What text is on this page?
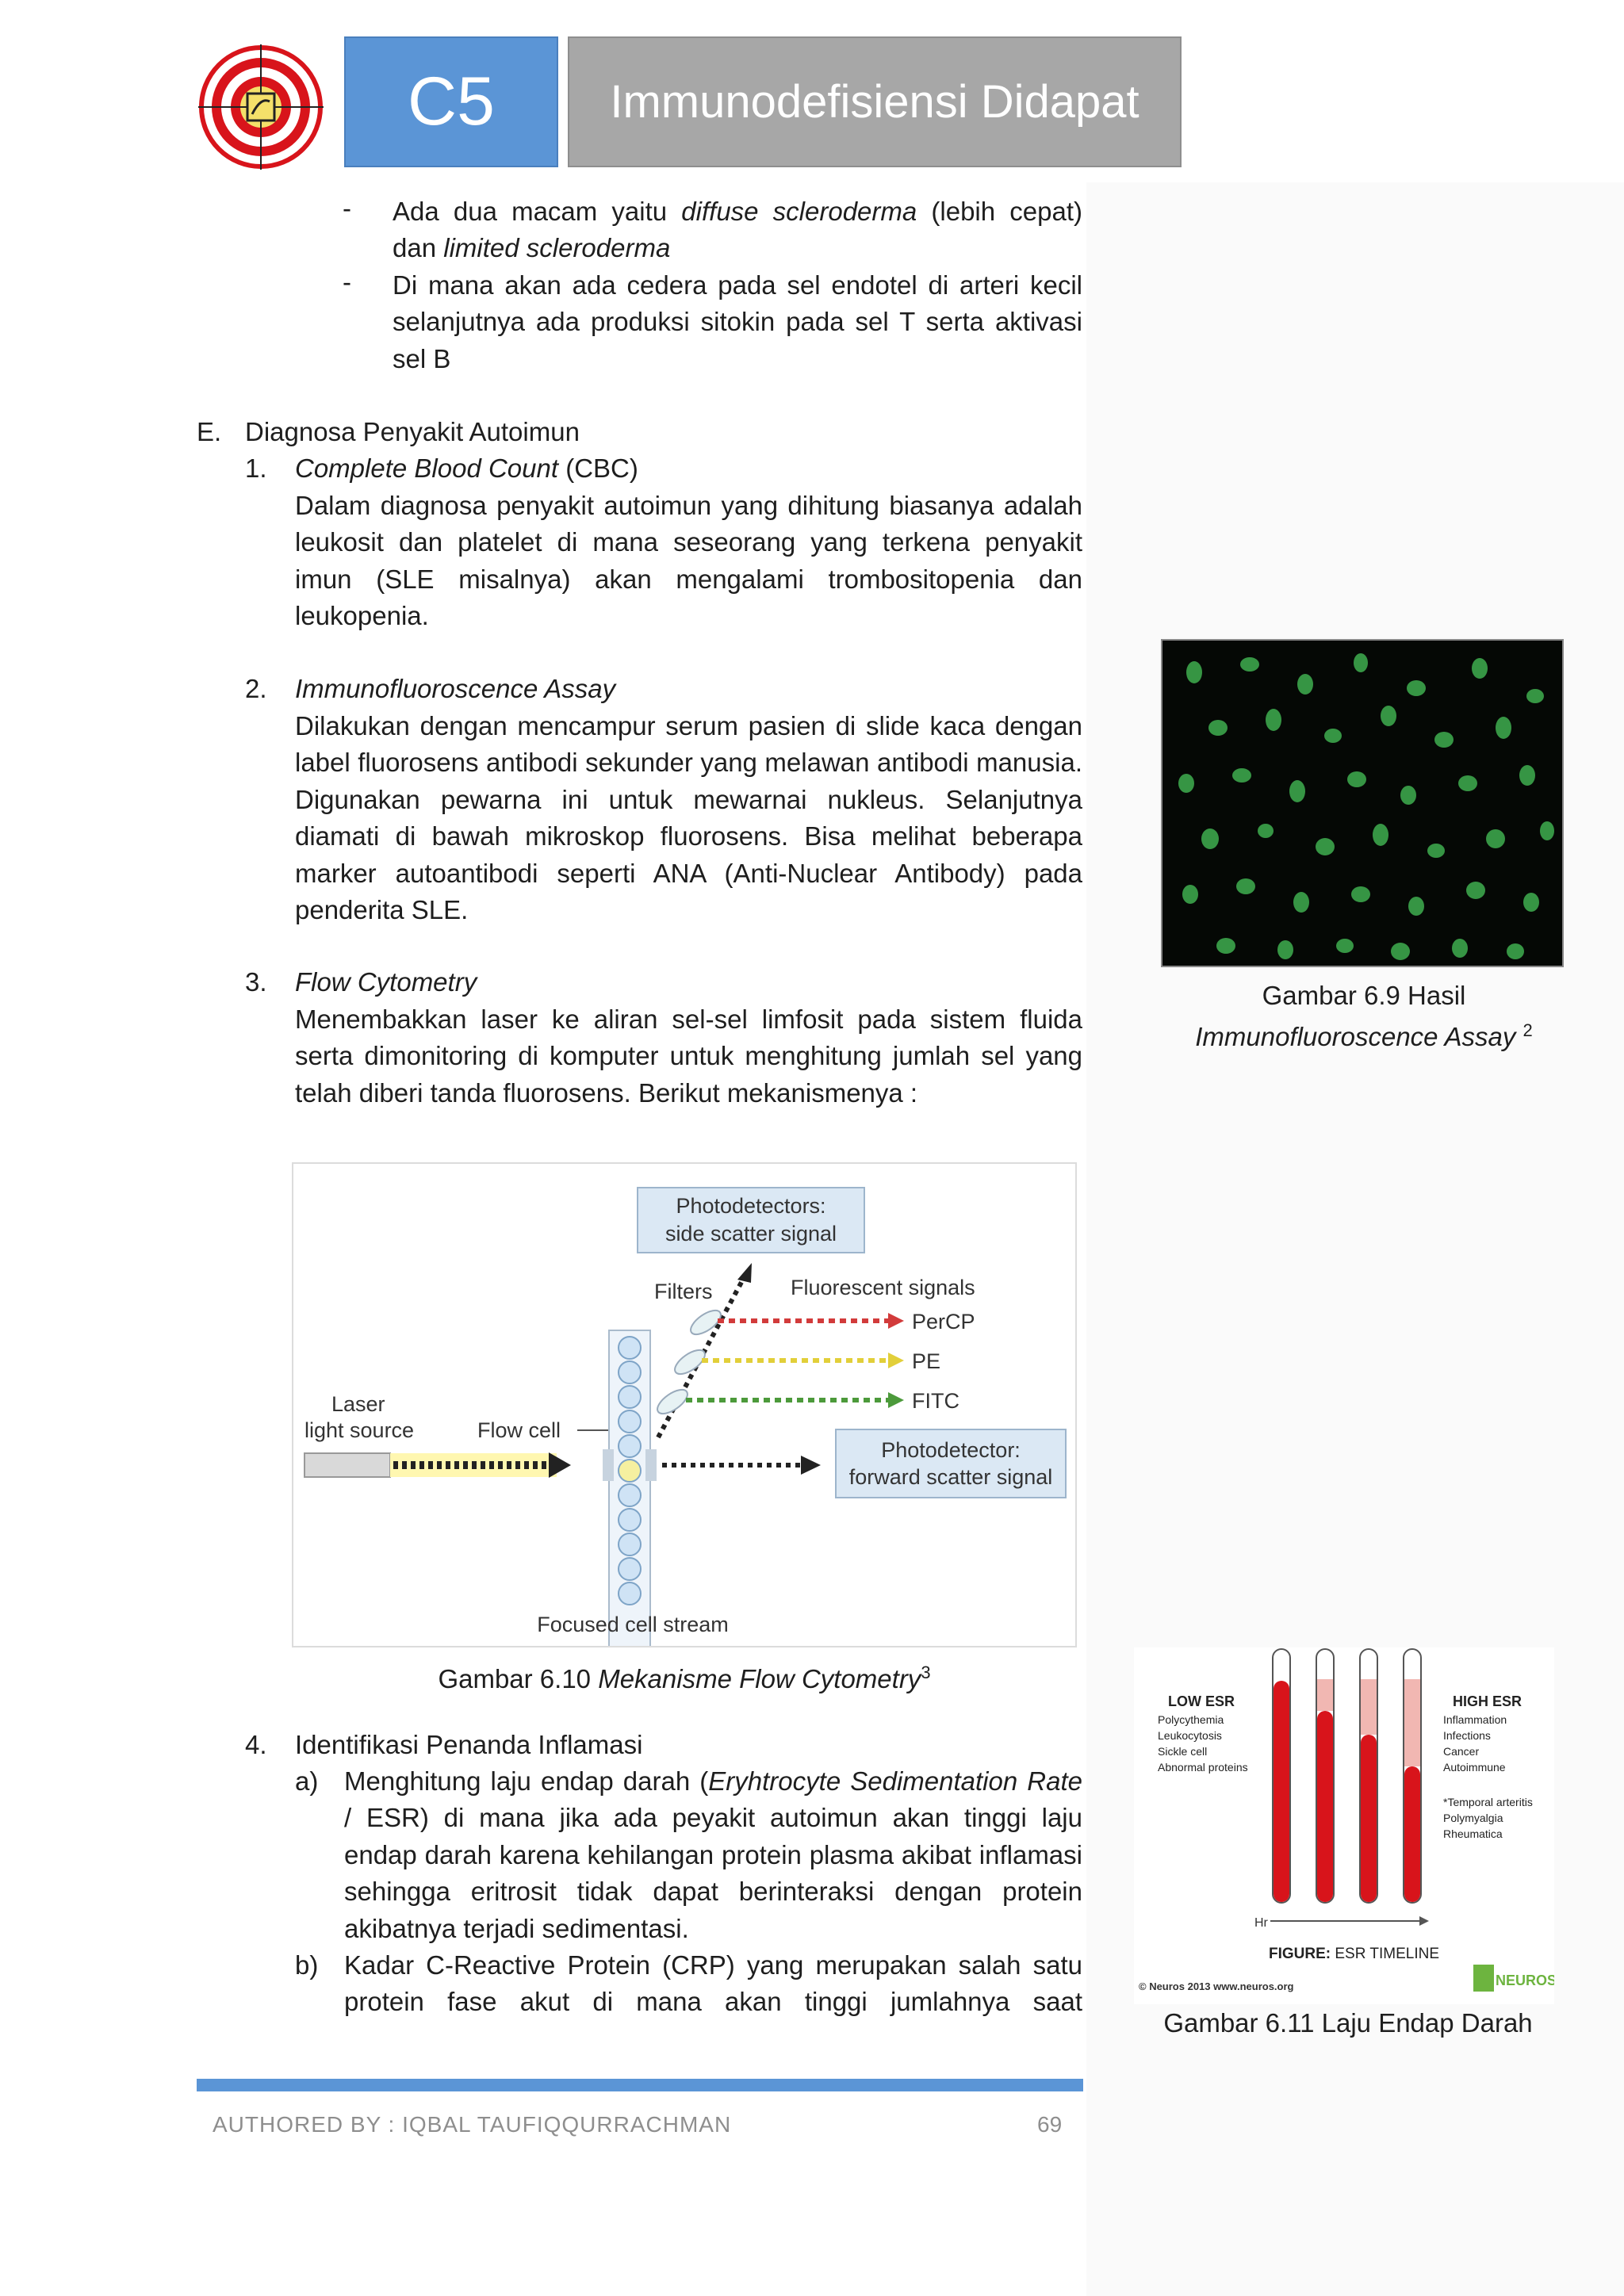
C5	Immunodefisiensi Didapat
- Ada dua macam yaitu diffuse scleroderma (lebih cepat) dan limited scleroderma
- Di mana akan ada cedera pada sel endotel di arteri kecil selanjutnya ada produksi sitokin pada sel T serta aktivasi sel B
E. Diagnosa Penyakit Autoimun
1. Complete Blood Count (CBC)
Dalam diagnosa penyakit autoimun yang dihitung biasanya adalah leukosit dan platelet di mana seseorang yang terkena penyakit imun (SLE misalnya) akan mengalami trombositopenia dan leukopenia.
2. Immunofluoroscence Assay
Dilakukan dengan mencampur serum pasien di slide kaca dengan label fluorosens antibodi sekunder yang melawan antibodi manusia. Digunakan pewarna ini untuk mewarnai nukleus. Selanjutnya diamati di bawah mikroskop fluorosens. Bisa melihat beberapa marker autoantibodi seperti ANA (Anti-Nuclear Antibody) pada penderita SLE.
3. Flow Cytometry
Menembakkan laser ke aliran sel-sel limfosit pada sistem fluida serta dimonitoring di komputer untuk menghitung jumlah sel yang telah diberi tanda fluorosens. Berikut mekanismenya :
Photodetectors:
side scatter signal
Filters	Fluorescent signals
PerCP
PE
FITC
Laser
light source	Flow cell
Photodetector:
forward scatter signal
Focused cell stream
Gambar 6.10 Mekanisme Flow Cytometry$^3$
4. Identifikasi Penanda Inflamasi
a) Menghitung laju endap darah (Eryhtrocyte Sedimentation Rate / ESR) di mana jika ada peyakit autoimun akan tinggi laju endap darah karena kehilangan protein plasma akibat inflamasi sehingga eritrosit tidak dapat berinteraksi dengan protein akibatnya terjadi sedimentasi.
b) Kadar C-Reactive Protein (CRP) yang merupakan salah satu protein fase akut di mana akan tinggi jumlahnya saat
Gambar 6.9 Hasil
Immunofluoroscence Assay $^2$
LOW ESR
Polycythemia
Leukocytosis
Sickle cell
Abnormal proteins
HIGH ESR
Inflammation
Infections
Cancer
Autoimmune
*Temporal arteritis
Polymyalgia
Rheumatica
Hr
FIGURE: ESR TIMELINE
© Neuros 2013 www.neuros.org	NEUROS
Gambar 6.11 Laju Endap Darah
AUTHORED BY : IQBAL TAUFIQQURRACHMAN	69
